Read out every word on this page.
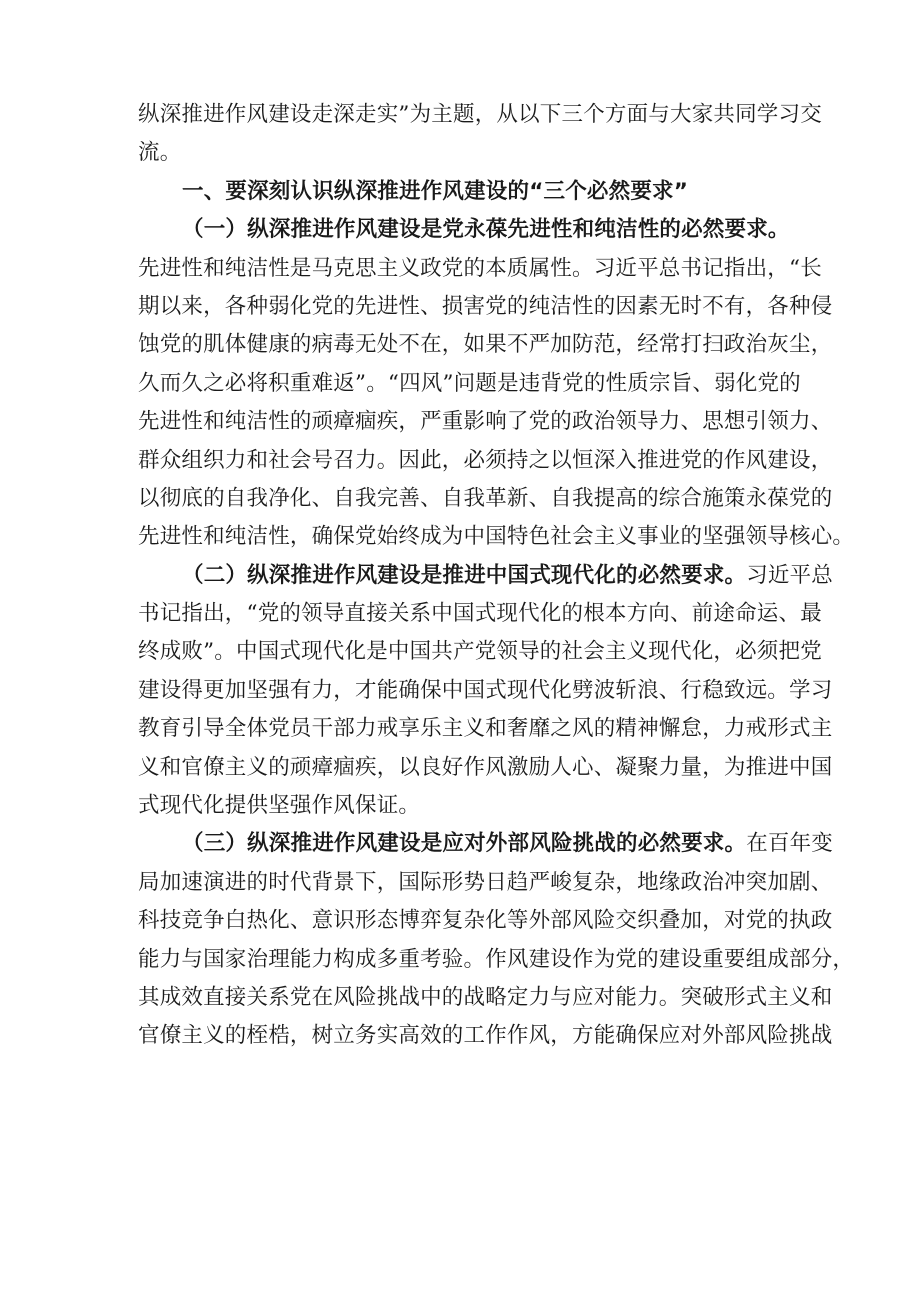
纵深推进作风建设走深走实”为主题，从以下三个方面与大家共同学习交
流。
一、要深刻认识纵深推进作风建设的“三个必然要求”
（一）纵深推进作风建设是党永葆先进性和纯洁性的必然要求。
先进性和纯洁性是马克思主义政党的本质属性。习近平总书记指出，“长
期以来，各种弱化党的先进性、损害党的纯洁性的因素无时不有，各种侵
蚀党的肌体健康的病毒无处不在，如果不严加防范，经常打扫政治灰尘，
久而久之必将积重难返”。“四风”问题是违背党的性质宗旨、弱化党的
先进性和纯洁性的顽瘴痼疾，严重影响了党的政治领导力、思想引领力、
群众组织力和社会号召力。因此，必须持之以恒深入推进党的作风建设，
以彻底的自我净化、自我完善、自我革新、自我提高的综合施策永葆党的
先进性和纯洁性，确保党始终成为中国特色社会主义事业的坚强领导核心。
（二）纵深推进作风建设是推进中国式现代化的必然要求。习近平总
书记指出，“党的领导直接关系中国式现代化的根本方向、前途命运、最
终成败”。中国式现代化是中国共产党领导的社会主义现代化，必须把党
建设得更加坚强有力，才能确保中国式现代化劈波斩浪、行稳致远。学习
教育引导全体党员干部力戒享乐主义和奢靡之风的精神懈怠，力戒形式主
义和官僚主义的顽瘴痼疾，以良好作风激励人心、凝聚力量，为推进中国
式现代化提供坚强作风保证。
（三）纵深推进作风建设是应对外部风险挑战的必然要求。在百年变
局加速演进的时代背景下，国际形势日趋严峻复杂，地缘政治冲突加剧、
科技竞争白热化、意识形态博弈复杂化等外部风险交织叠加，对党的执政
能力与国家治理能力构成多重考验。作风建设作为党的建设重要组成部分，
其成效直接关系党在风险挑战中的战略定力与应对能力。突破形式主义和
官僚主义的桎梏，树立务实高效的工作作风，方能确保应对外部风险挑战
